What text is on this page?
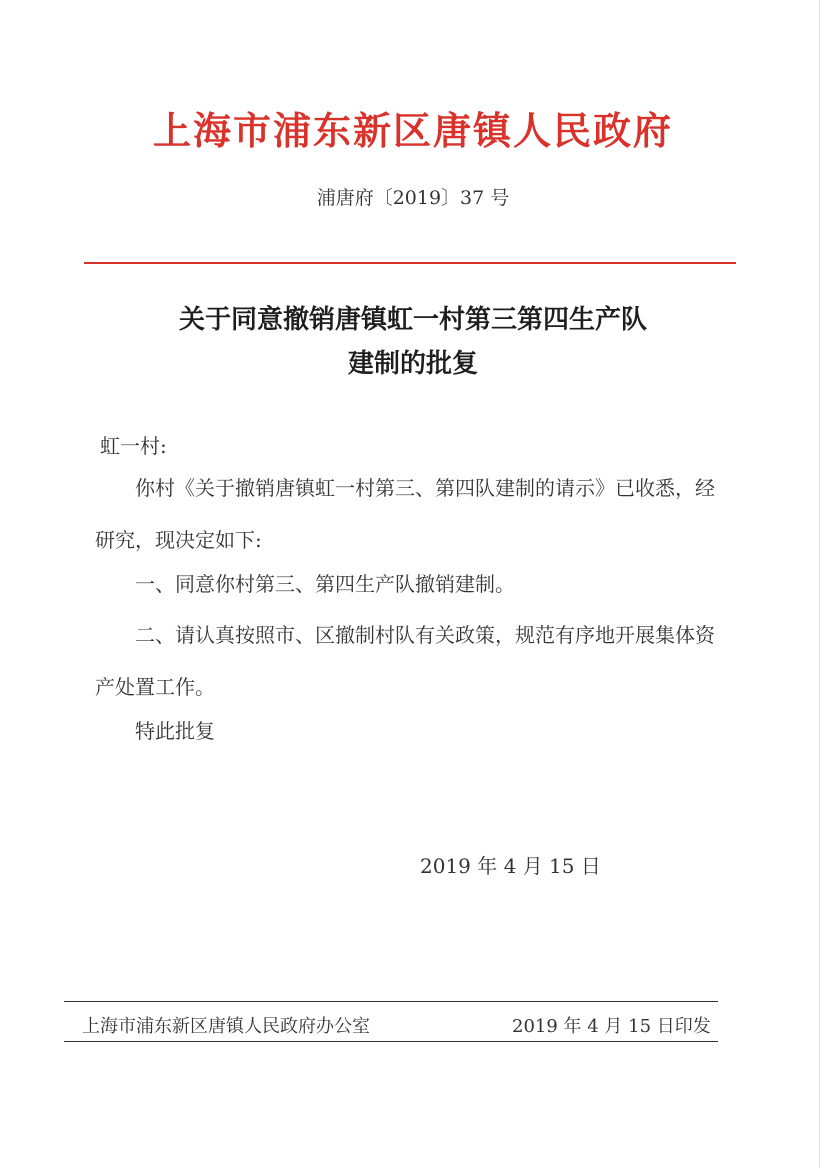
上海市浦东新区唐镇人民政府
浦唐府〔2019〕37 号
关于同意撤销唐镇虹一村第三第四生产队
建制的批复
虹一村:
你村《关于撤销唐镇虹一村第三、第四队建制的请示》已收悉，经研究，现决定如下:
一、同意你村第三、第四生产队撤销建制。
二、请认真按照市、区撤制村队有关政策，规范有序地开展集体资产处置工作。
特此批复
2019 年 4 月 15 日
上海市浦东新区唐镇人民政府办公室	2019 年 4 月 15 日印发
